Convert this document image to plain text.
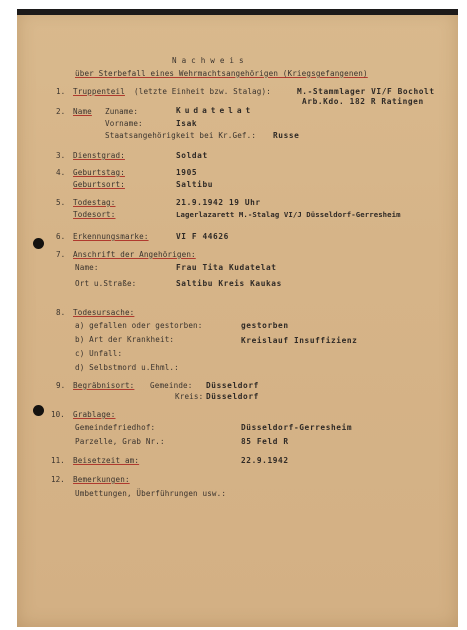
Nachweis
über Sterbefall eines Wehrmachtsangehörigen (Kriegsgefangenen)
1. Truppenteil (letzte Einheit bzw. Stalag):	M.-Stammlager VI/F Bocholt
Arb.Kdo. 182 R Ratingen
2. Name Zuname:	Kudatelat
Vorname:	Isak
Staatsangehörigkeit bei Kr.Gef.: Russe
3. Dienstgrad:	Soldat
4. Geburtstag:	1905
Geburtsort:	Saltibu
5. Todestag:	21.9.1942 19 Uhr
Todesort:	Lagerlazarett M.-Stalag VI/J Düsseldorf-Gerresheim
6. Erkennungsmarke:	VI F 44626
7. Anschrift der Angehörigen:
Name:	Frau Tita Kudatelat
Ort u.Straße:	Saltibu Kreis Kaukas
8. Todesursache:
a) gefallen oder gestorben:	gestorben
b) Art der Krankheit:	Kreislauf Insuffizienz
c) Unfall:
d) Selbstmord u.Ehml.:
9. Begräbnisort: Gemeinde: Düsseldorf
Kreis: Düsseldorf
10. Grablage:
Gemeindefriedhof:	Düsseldorf-Gerresheim
Parzelle, Grab Nr.:	85 Feld R
11. Beisetzeit am:	22.9.1942
12. Bemerkungen:
Umbettungen, Überführungen usw.:
